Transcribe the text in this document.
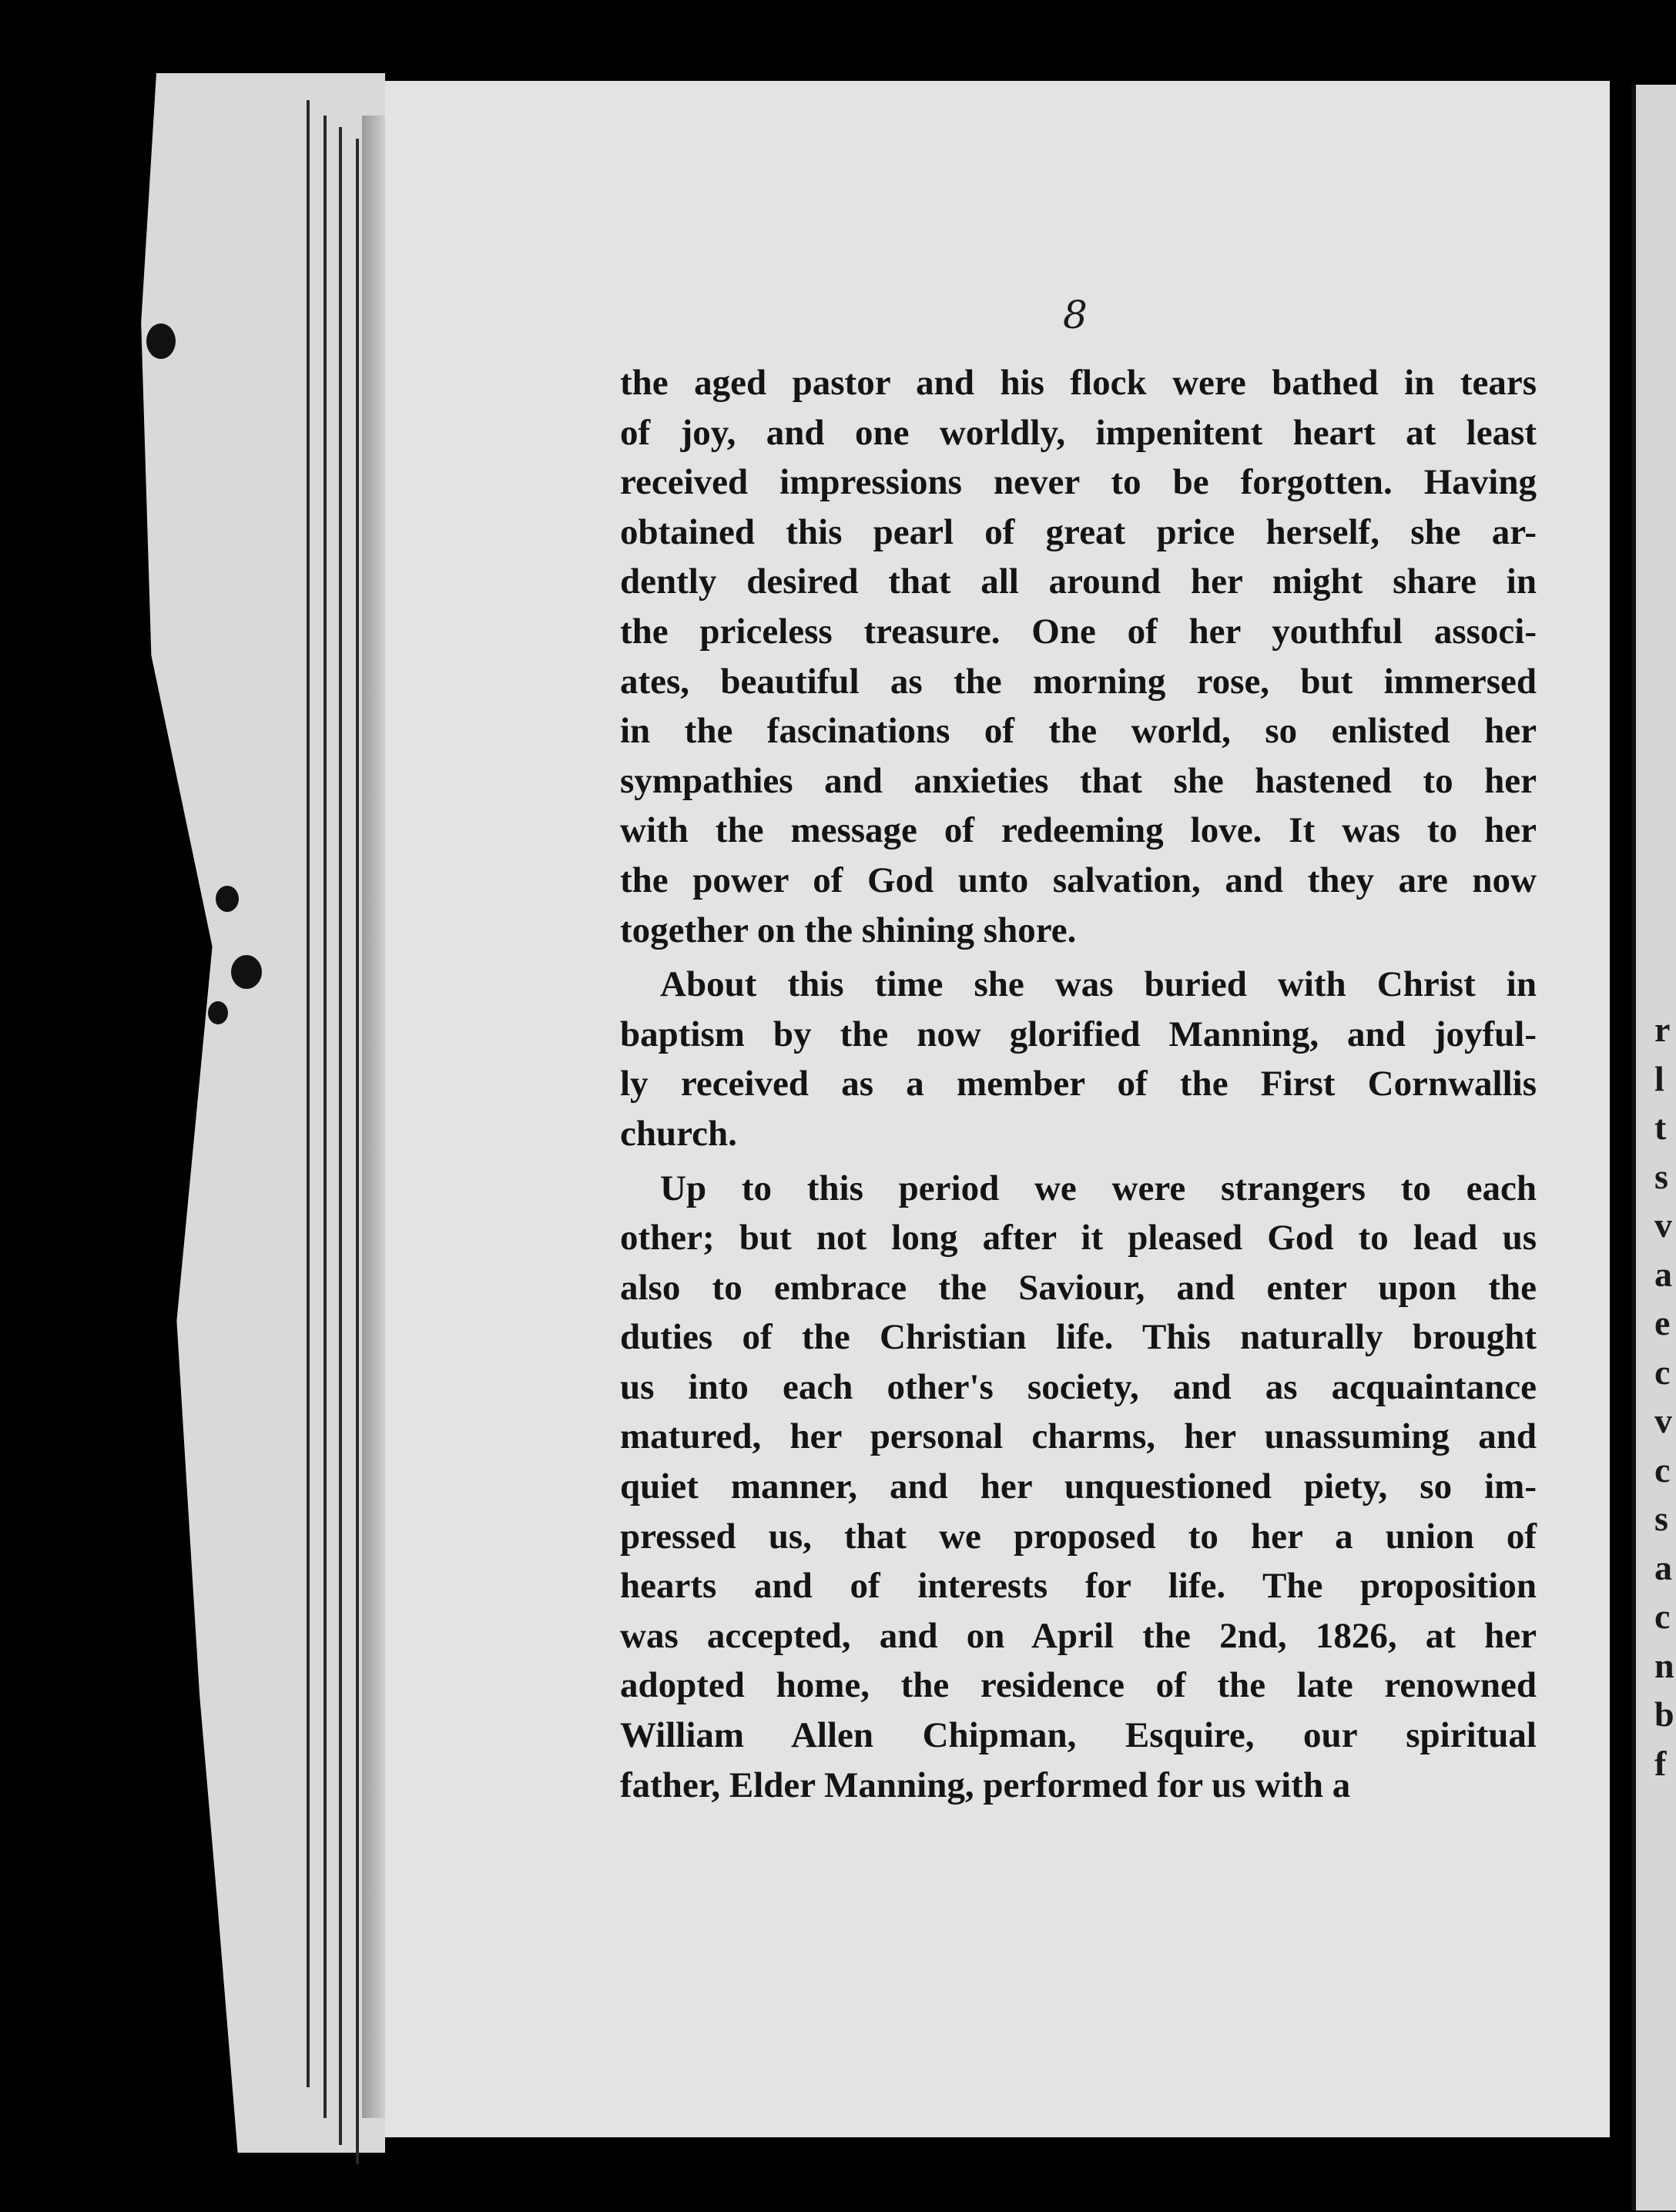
8
the aged pastor and his flock were bathed in tears
of joy, and one worldly, impenitent heart at least
received impressions never to be forgotten. Having
obtained this pearl of great price herself, she ar-
dently desired that all around her might share in
the priceless treasure. One of her youthful associ-
ates, beautiful as the morning rose, but immersed
in the fascinations of the world, so enlisted her
sympathies and anxieties that she hastened to her
with the message of redeeming love. It was to her
the power of God unto salvation, and they are now
together on the shining shore.
About this time she was buried with Christ in
baptism by the now glorified Manning, and joyful-
ly received as a member of the First Cornwallis
church.
Up to this period we were strangers to each
other; but not long after it pleased God to lead us
also to embrace the Saviour, and enter upon the
duties of the Christian life. This naturally brought
us into each other's society, and as acquaintance
matured, her personal charms, her unassuming and
quiet manner, and her unquestioned piety, so im-
pressed us, that we proposed to her a union of
hearts and of interests for life. The proposition
was accepted, and on April the 2nd, 1826, at her
adopted home, the residence of the late renowned
William Allen Chipman, Esquire, our spiritual
father, Elder Manning, performed for us with a
r
l
t
s
v
a
e
c
v
c
s
a
c
n
b
f
